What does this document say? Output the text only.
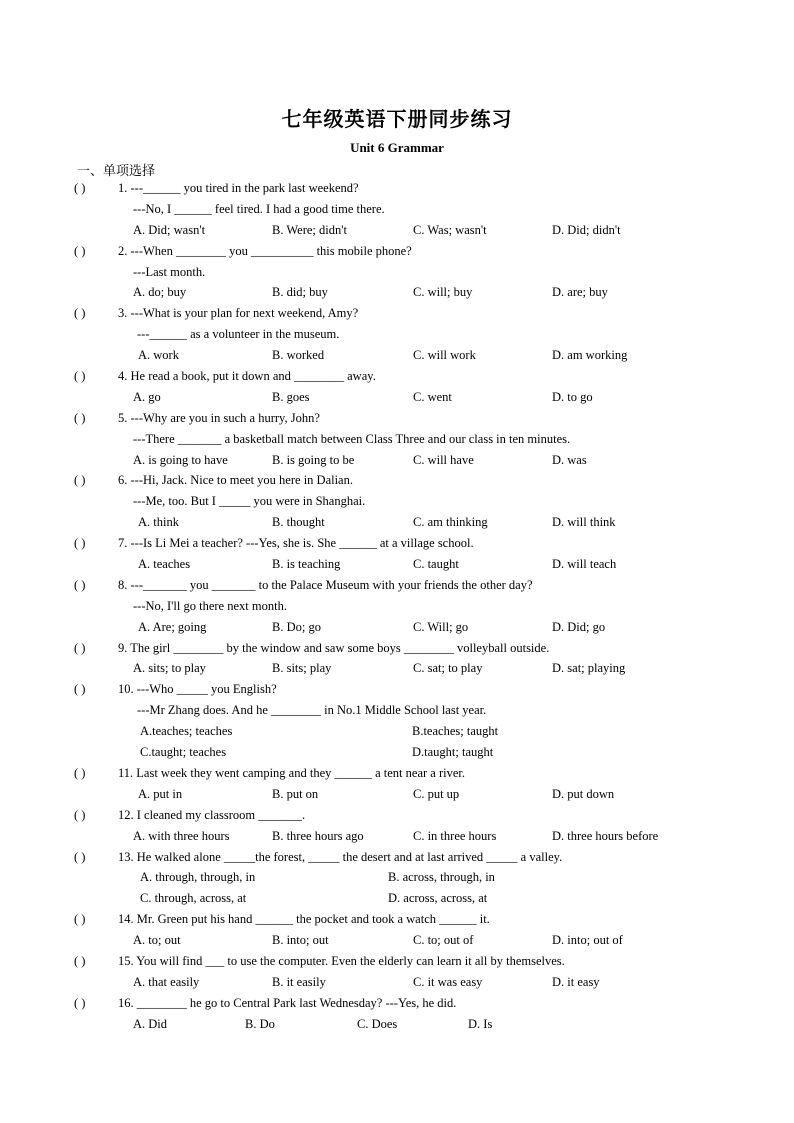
七年级英语下册同步练习
Unit 6 Grammar
一、单项选择
( )	1. ---______ you tired in the park last weekend?
---No, I ______ feel tired. I had a good time there.
A. Did; wasn't	B. Were; didn't	C. Was; wasn't	D. Did; didn't
( )	2. ---When ________ you __________ this mobile phone?
---Last month.
A. do; buy	B. did; buy	C. will; buy	D. are; buy
( )	3. ---What is your plan for next weekend, Amy?
---______ as a volunteer in the museum.
A. work	B. worked	C. will work	D. am working
( )	4. He read a book, put it down and ________ away.
A. go	B. goes	C. went	D. to go
( )	5. ---Why are you in such a hurry, John?
---There _______ a basketball match between Class Three and our class in ten minutes.
A. is going to have	B. is going to be	C. will have	D. was
( )	6. ---Hi, Jack. Nice to meet you here in Dalian.
---Me, too. But I _____ you were in Shanghai.
A. think	B. thought	C. am thinking	D. will think
( )	7. ---Is Li Mei a teacher? ---Yes, she is. She ______ at a village school.
A. teaches	B. is teaching	C. taught	D. will teach
( )	8. ---_______ you _______ to the Palace Museum with your friends the other day?
---No, I'll go there next month.
A. Are; going	B. Do; go	C. Will; go	D. Did; go
( )	9. The girl ________ by the window and saw some boys ________ volleyball outside.
A. sits; to play	B. sits; play	C. sat; to play	D. sat; playing
( )	10. ---Who _____ you English?
---Mr Zhang does. And he ________ in No.1 Middle School last year.
A.teaches; teaches	B.teaches; taught
C.taught; teaches	D.taught; taught
( )	11. Last week they went camping and they ______ a tent near a river.
A. put in	B. put on	C. put up	D. put down
( )	12. I cleaned my classroom _______.
A. with three hours	B. three hours ago	C. in three hours	D. three hours before
( )	13. He walked alone _____the forest, _____ the desert and at last arrived _____ a valley.
A. through, through, in	B. across, through, in
C. through, across, at	D. across, across, at
( )	14. Mr. Green put his hand ______ the pocket and took a watch ______ it.
A. to; out	B. into; out	C. to; out of	D. into; out of
( )	15. You will find ___ to use the computer. Even the elderly can learn it all by themselves.
A. that easily	B. it easily	C. it was easy	D. it easy
( )	16. ________ he go to Central Park last Wednesday? ---Yes, he did.
A. Did	B. Do	C. Does	D. Is
